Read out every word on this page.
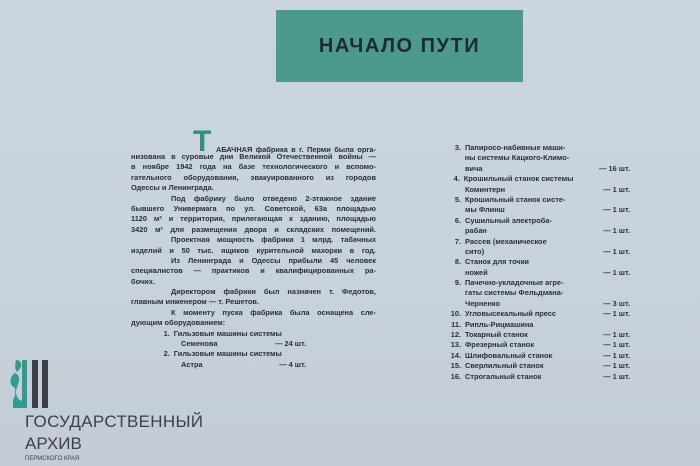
НАЧАЛО ПУТИ
Т АБАЧНАЯ фабрика в г. Перми была орга-
низована в суровые дни Великой Отечественной войны —
в ноябре 1942 года на базе технологического и вспомо-
гательного оборудования, эвакуированного из городов
Одессы и Ленинграда.
Под фабрику было отведено 2-этажное здание
бывшего Универмага по ул. Советской, 63а площадью
1120 м² и территория, прилегающая к зданию, площадью
3420 м² для размещения двора и складских помещений.
Проектная мощность фабрики 1 млрд. табачных
изделий и 50 тыс. ящиков курительной махорки в год.
Из Ленинграда и Одессы прибыли 45 человек
специалистов — практиков и квалифицированных ра-
бочих.
Директором фабрики был назначен т. Федотов,
главным инженером — т. Решетов.
К моменту пуска фабрика была оснащена сле-
дующим оборудованием:
1. Гильзовые машины системы
Семенова	— 24 шт.
2. Гильзовые машины системы
Астра	— 4 шт.
3. Папиросо-набивные маши-
ны системы Кацкого-Климо-
вича	— 16 шт.
4. Крошильный станок системы
Коминтерн	— 1 шт.
5. Крошильный станок систе-
мы Флинш	— 1 шт.
6. Сушильный электроба-
рабан	— 1 шт.
7. Рассев (механическое
сито)	— 1 шт.
8. Станок для точки
ножей	— 1 шт.
9. Пачечно-укладочные агре-
гаты системы Фельдмана-
Черненко	— 3 шт.
10. Угловысекальный пресс	— 1 шт.
11. Рипль-Рицмашина
12. Токарный станок	— 1 шт.
13. Фрезерный станок	— 1 шт.
14. Шлифовальный станок	— 1 шт.
15. Сверлильный станок	— 1 шт.
16. Строгальный станок	— 1 шт.
ГОСУДАРСТВЕННЫЙ
АРХИВ
ПЕРМСКОГО КРАЯ
